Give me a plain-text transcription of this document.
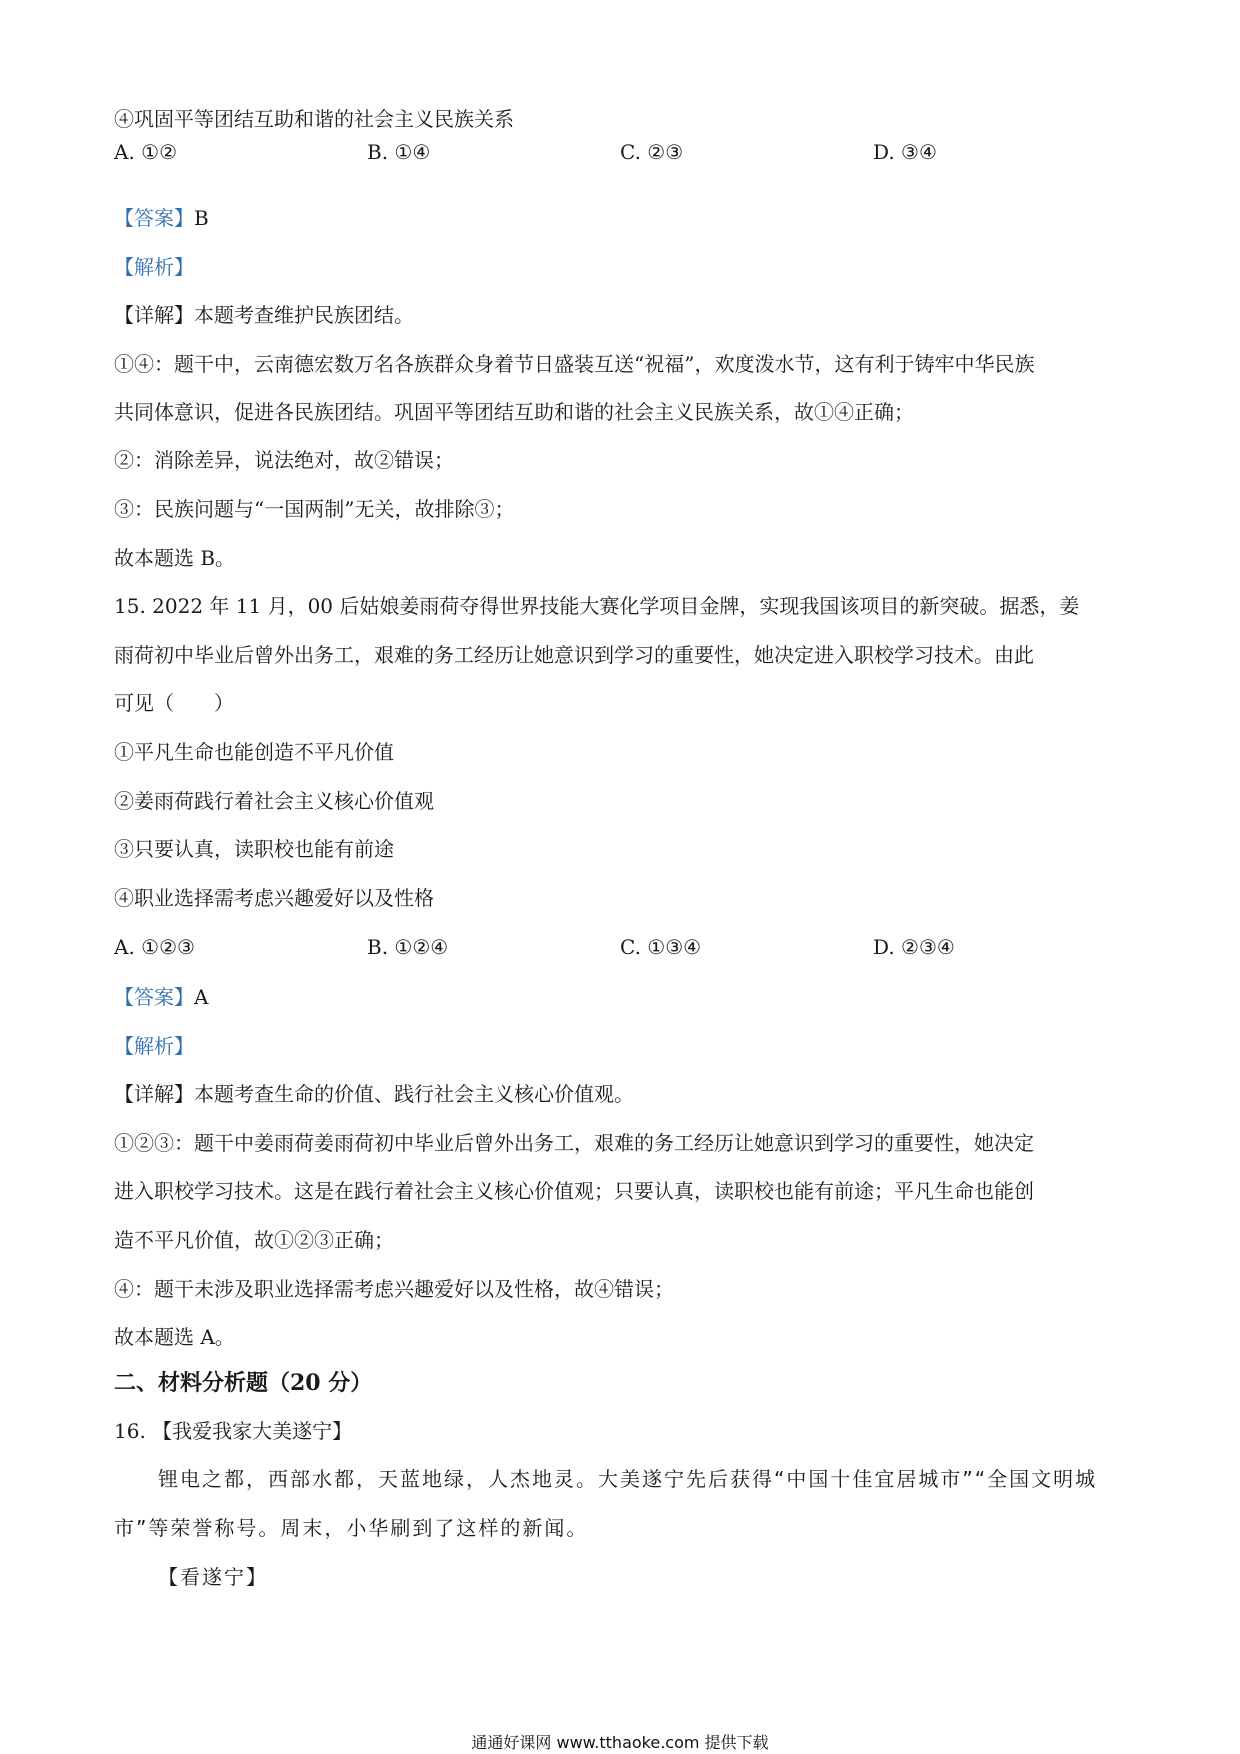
④巩固平等团结互助和谐的社会主义民族关系
A. ①②	B. ①④	C. ②③	D. ③④
【答案】B
【解析】
【详解】本题考查维护民族团结。
①④：题干中，云南德宏数万名各族群众身着节日盛装互送“祝福”，欢度泼水节，这有利于铸牢中华民族
共同体意识，促进各民族团结。巩固平等团结互助和谐的社会主义民族关系，故①④正确；
②：消除差异，说法绝对，故②错误；
③：民族问题与“一国两制”无关，故排除③；
故本题选 B。
15. 2022 年 11 月，00 后姑娘姜雨荷夺得世界技能大赛化学项目金牌，实现我国该项目的新突破。据悉，姜
雨荷初中毕业后曾外出务工，艰难的务工经历让她意识到学习的重要性，她决定进入职校学习技术。由此
可见（　　）
①平凡生命也能创造不平凡价值
②姜雨荷践行着社会主义核心价值观
③只要认真，读职校也能有前途
④职业选择需考虑兴趣爱好以及性格
A. ①②③	B. ①②④	C. ①③④	D. ②③④
【答案】A
【解析】
【详解】本题考查生命的价值、践行社会主义核心价值观。
①②③：题干中姜雨荷姜雨荷初中毕业后曾外出务工，艰难的务工经历让她意识到学习的重要性，她决定
进入职校学习技术。这是在践行着社会主义核心价值观；只要认真，读职校也能有前途；平凡生命也能创
造不平凡价值，故①②③正确；
④：题干未涉及职业选择需考虑兴趣爱好以及性格，故④错误；
故本题选 A。
二、材料分析题（20 分）
16. 【我爱我家大美遂宁】
锂电之都，西部水都，天蓝地绿，人杰地灵。大美遂宁先后获得“中国十佳宜居城市”“全国文明城
市”等荣誉称号。周末，小华刷到了这样的新闻。
【看遂宁】
通通好课网 www.tthaoke.com 提供下载
